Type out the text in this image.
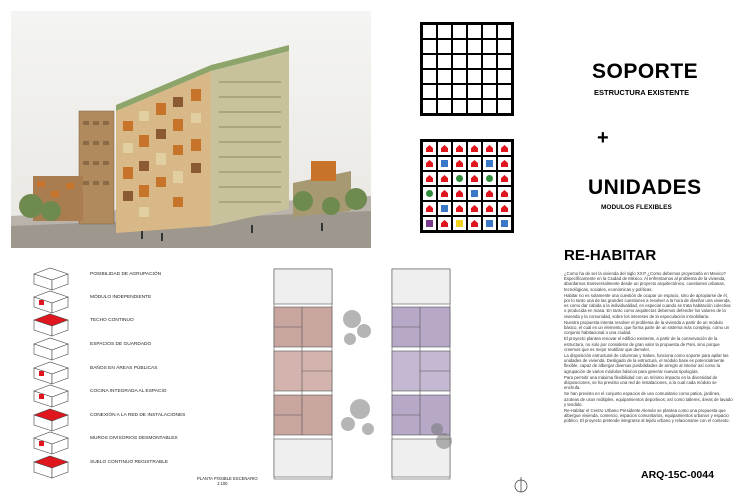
SOPORTE
ESTRUCTURA EXISTENTE
+
UNIDADES
MODULOS FLEXIBLES
RE-HABITAR

¿Como ha de ser la vivienda del siglo XXI? ¿Como debemos proyectarla en Mexico? Específicamente en la Ciudad de México. Al enfrentarnos al problema de la vivienda, abordamos transversalmente desde un proyecto arquitectónico, cuestiones urbanas, tecnológicas, sociales, económicas y políticas.

Habitar no es solamente una cuestión de ocupar un espacio, sino de apropiarse de él, por lo tanto una de las grandes cuestiones a resolver a la hora de diseñar una vivienda, es como dar cabida a la individualidad, en especial cuando se trata habitación colectiva o producida en masa. En tanto como arquitectos debemos defender los valores de la vivienda y la comunidad, sobre los intereses de la especulación inmobiliaria.

Nuestra propuesta intenta resolver el problema de la vivienda a partir de un módulo básico, el cual es un elemento, que forma parte de un sistema más complejo, como un conjunto habitacional o una ciudad.

El proyecto plantea renovar el edificio existente, a partir de la conservación de la estructura, no solo por considerar de gran valor la propuesta de Pani, sino porque creemos que es mejor reutilizar que demoler.

La disposición estructural de columnas y trabes, funciona como soporte para apilar las unidades de vivienda. Desligado de la estructura, el módulo base es potencialmente flexible, capaz de albergar diversas posibilidades de arreglo al interior así como la agrupación de varios módulos básicos para generar nuevas tipologías.

Para permitir una máxima flexibilidad con un mínimo impacto en la diversidad de disposiciones, se ha previsto una red de instalaciones, a la cual cada módulo se enchufa.

Se han previsto en el conjunto espacios de uso comunitario como patios, jardines, azoteas de usos múltiples, equipamientos deportivos; así como talleres, áreas de lavado y tendido.

Re-Habitar el Centro Urbano Presidente Alemán se plantea como una propuesta que albergue vivienda, comercio, espacios comunitarios, equipamientos urbanos y espacio público. El proyecto pretende integrarse al tejido urbano y relacionarse con el contexto.

ARQ-15C-0044
POSIBILIDAD DE AGRUPACIÓN
MÓDULO INDEPENDIENTE
TECHO CONTINUO
ESPACIOS DE GUARDADO
BAÑOS EN ÁREAS PÚBLICAS
COCINA INTEGRADA AL ESPACIO
CONEXIÓN A LA RED DE INSTALACIONES
MUROS DIVISORIOS DESMONTABLES
SUELO CONTINUO REGISTRABLE
PLANTA POSIBLE ESCENARIO
1:100
